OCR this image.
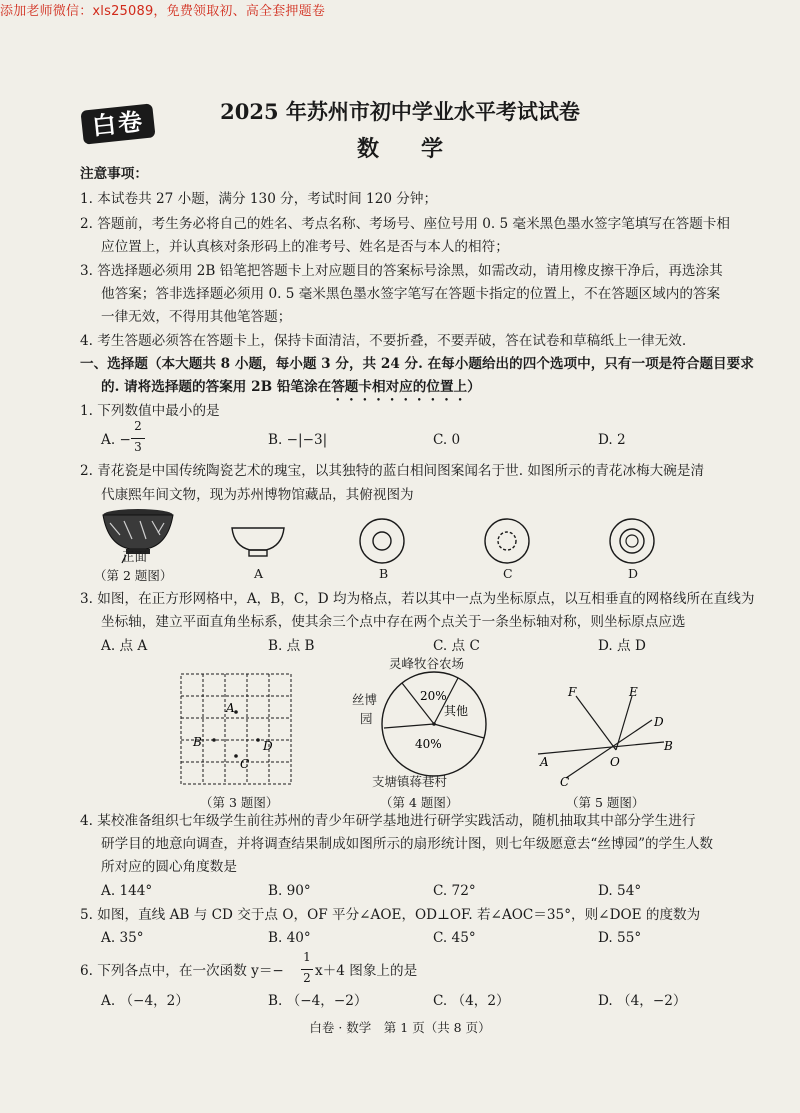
添加老师微信：xls25089，免费领取初、高全套押题卷
白卷	2025 年苏州市初中学业水平考试试卷
数学
注意事项：
1. 本试卷共 27 小题，满分 130 分，考试时间 120 分钟；
2. 答题前，考生务必将自己的姓名、考点名称、考场号、座位号用 0. 5 毫米黑色墨水签字笔填写在答题卡相
应位置上，并认真核对条形码上的准考号、姓名是否与本人的相符；
3. 答选择题必须用 2B 铅笔把答题卡上对应题目的答案标号涂黑，如需改动，请用橡皮擦干净后，再选涂其
他答案；答非选择题必须用 0. 5 毫米黑色墨水签字笔写在答题卡指定的位置上，不在答题区域内的答案
一律无效，不得用其他笔答题；
4. 考生答题必须答在答题卡上，保持卡面清洁，不要折叠，不要弄破，答在试卷和草稿纸上一律无效.
一、选择题（本大题共 8 小题，每小题 3 分，共 24 分. 在每小题给出的四个选项中，只有一项是符合题目要求
的. 请将选择题的答案用 2B 铅笔涂在答题卡相对应的位置上）
1. 下列数值中最小的是
A. −
2
3	B. −|−3|	C. 0	D. 2
2. 青花瓷是中国传统陶瓷艺术的瑰宝，以其独特的蓝白相间图案闻名于世. 如图所示的青花冰梅大碗是清
代康熙年间文物，现为苏州博物馆藏品，其俯视图为
正面
（第 2 题图）	A	B	C	D
3. 如图，在正方形网格中，A，B，C，D 均为格点，若以其中一点为坐标原点，以互相垂直的网格线所在直线为
坐标轴，建立平面直角坐标系，使其余三个点中存在两个点关于一条坐标轴对称，则坐标原点应选
A. 点 A	B. 点 B	C. 点 C	D. 点 D
A
B
C
D
（第 3 题图）
灵峰牧谷农场
20%
40%
其他
丝博
园
支塘镇蒋巷村
（第 4 题图）
F	E
D
B
A	O
C
（第 5 题图）
4. 某校准备组织七年级学生前往苏州的青少年研学基地进行研学实践活动，随机抽取其中部分学生进行
研学目的地意向调查，并将调查结果制成如图所示的扇形统计图，则七年级愿意去“丝博园”的学生人数
所对应的圆心角度数是
A. 144°	B. 90°	C. 72°	D. 54°
5. 如图，直线 AB 与 CD 交于点 O，OF 平分∠AOE，OD⊥OF. 若∠AOC＝35°，则∠DOE 的度数为
A. 35°	B. 40°	C. 45°	D. 55°
6. 下列各点中，在一次函数 y＝−
1
2 x＋4 图象上的是
A. （−4，2）	B. （−4，−2）	C. （4，2）	D. （4，−2）
白卷 · 数学　第 1 页（共 8 页）
